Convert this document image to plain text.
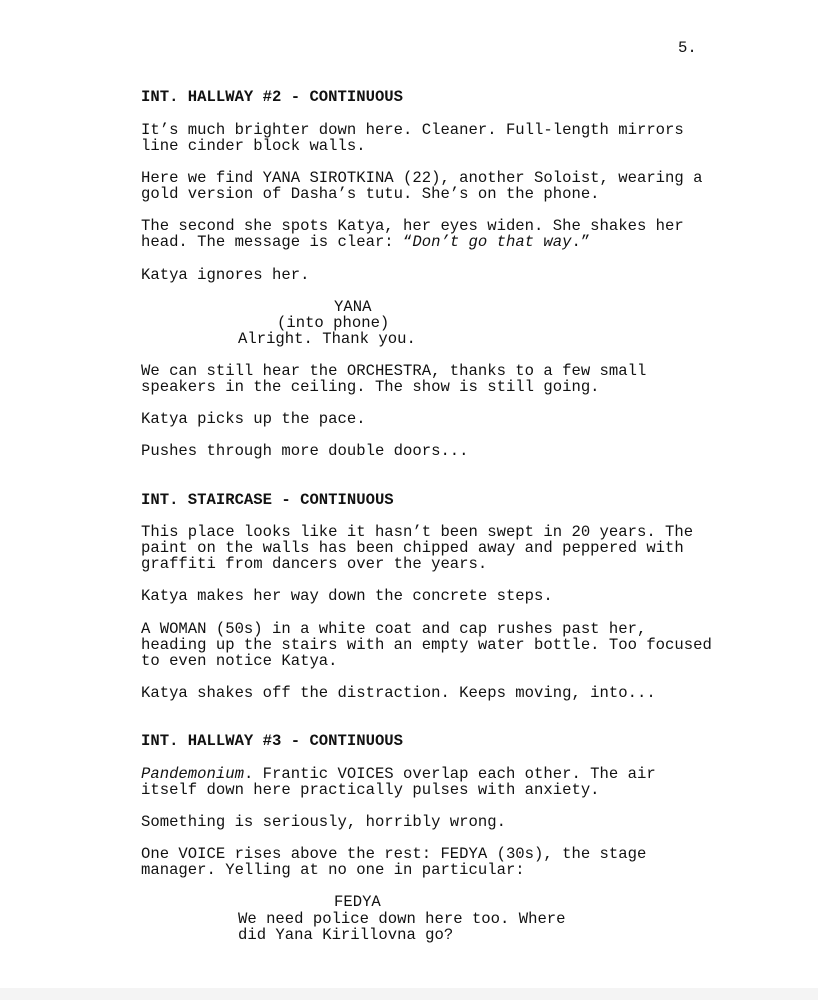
5.
INT. HALLWAY #2 - CONTINUOUS
It’s much brighter down here. Cleaner. Full-length mirrors
line cinder block walls.
Here we find YANA SIROTKINA (22), another Soloist, wearing a
gold version of Dasha’s tutu. She’s on the phone.
The second she spots Katya, her eyes widen. She shakes her
head. The message is clear: “Don’t go that way.”
Katya ignores her.
YANA
(into phone)
Alright. Thank you.
We can still hear the ORCHESTRA, thanks to a few small
speakers in the ceiling. The show is still going.
Katya picks up the pace.
Pushes through more double doors...
INT. STAIRCASE - CONTINUOUS
This place looks like it hasn’t been swept in 20 years. The
paint on the walls has been chipped away and peppered with
graffiti from dancers over the years.
Katya makes her way down the concrete steps.
A WOMAN (50s) in a white coat and cap rushes past her,
heading up the stairs with an empty water bottle. Too focused
to even notice Katya.
Katya shakes off the distraction. Keeps moving, into...
INT. HALLWAY #3 - CONTINUOUS
Pandemonium. Frantic VOICES overlap each other. The air
itself down here practically pulses with anxiety.
Something is seriously, horribly wrong.
One VOICE rises above the rest: FEDYA (30s), the stage
manager. Yelling at no one in particular:
FEDYA
We need police down here too. Where
did Yana Kirillovna go?
